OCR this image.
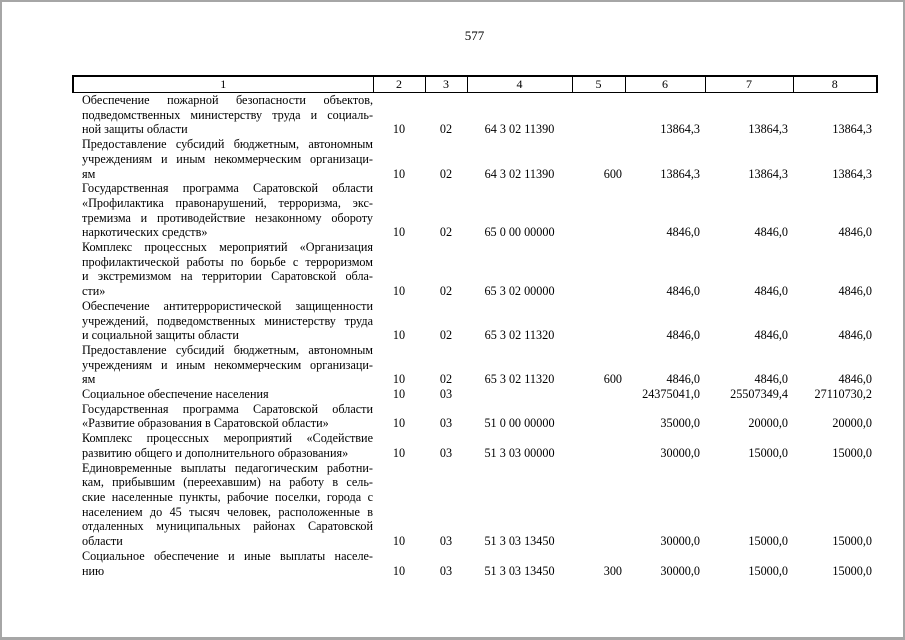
577
1	2	3	4	5	6	7	8

Обеспечение пожарной безопасности объектов,
подведомственных министерству труда и социаль-
ной защиты области	10	02	64 3 02 11390		13864,3	13864,3	13864,3

Предоставление субсидий бюджетным, автономным
учреждениям и иным некоммерческим организаци-
ям	10	02	64 3 02 11390	600	13864,3	13864,3	13864,3

Государственная программа Саратовской области
«Профилактика правонарушений, терроризма, экс-
тремизма и противодействие незаконному обороту
наркотических средств»	10	02	65 0 00 00000		4846,0	4846,0	4846,0

Комплекс процессных мероприятий «Организация
профилактической работы по борьбе с терроризмом
и экстремизмом на территории Саратовской обла-
сти»	10	02	65 3 02 00000		4846,0	4846,0	4846,0

Обеспечение антитеррористической защищенности
учреждений, подведомственных министерству труда
и социальной защиты области	10	02	65 3 02 11320		4846,0	4846,0	4846,0

Предоставление субсидий бюджетным, автономным
учреждениям и иным некоммерческим организаци-
ям	10	02	65 3 02 11320	600	4846,0	4846,0	4846,0

Социальное обеспечение населения	10	03			24375041,0	25507349,4	27110730,2

Государственная программа Саратовской области
«Развитие образования в Саратовской области»	10	03	51 0 00 00000		35000,0	20000,0	20000,0

Комплекс процессных мероприятий «Содействие
развитию общего и дополнительного образования»	10	03	51 3 03 00000		30000,0	15000,0	15000,0

Единовременные выплаты педагогическим работни-
кам, прибывшим (переехавшим) на работу в сель-
ские населенные пункты, рабочие поселки, города с
населением до 45 тысяч человек, расположенные в
отдаленных муниципальных районах Саратовской
области	10	03	51 3 03 13450		30000,0	15000,0	15000,0

Социальное обеспечение и иные выплаты населе-
нию	10	03	51 3 03 13450	300	30000,0	15000,0	15000,0
